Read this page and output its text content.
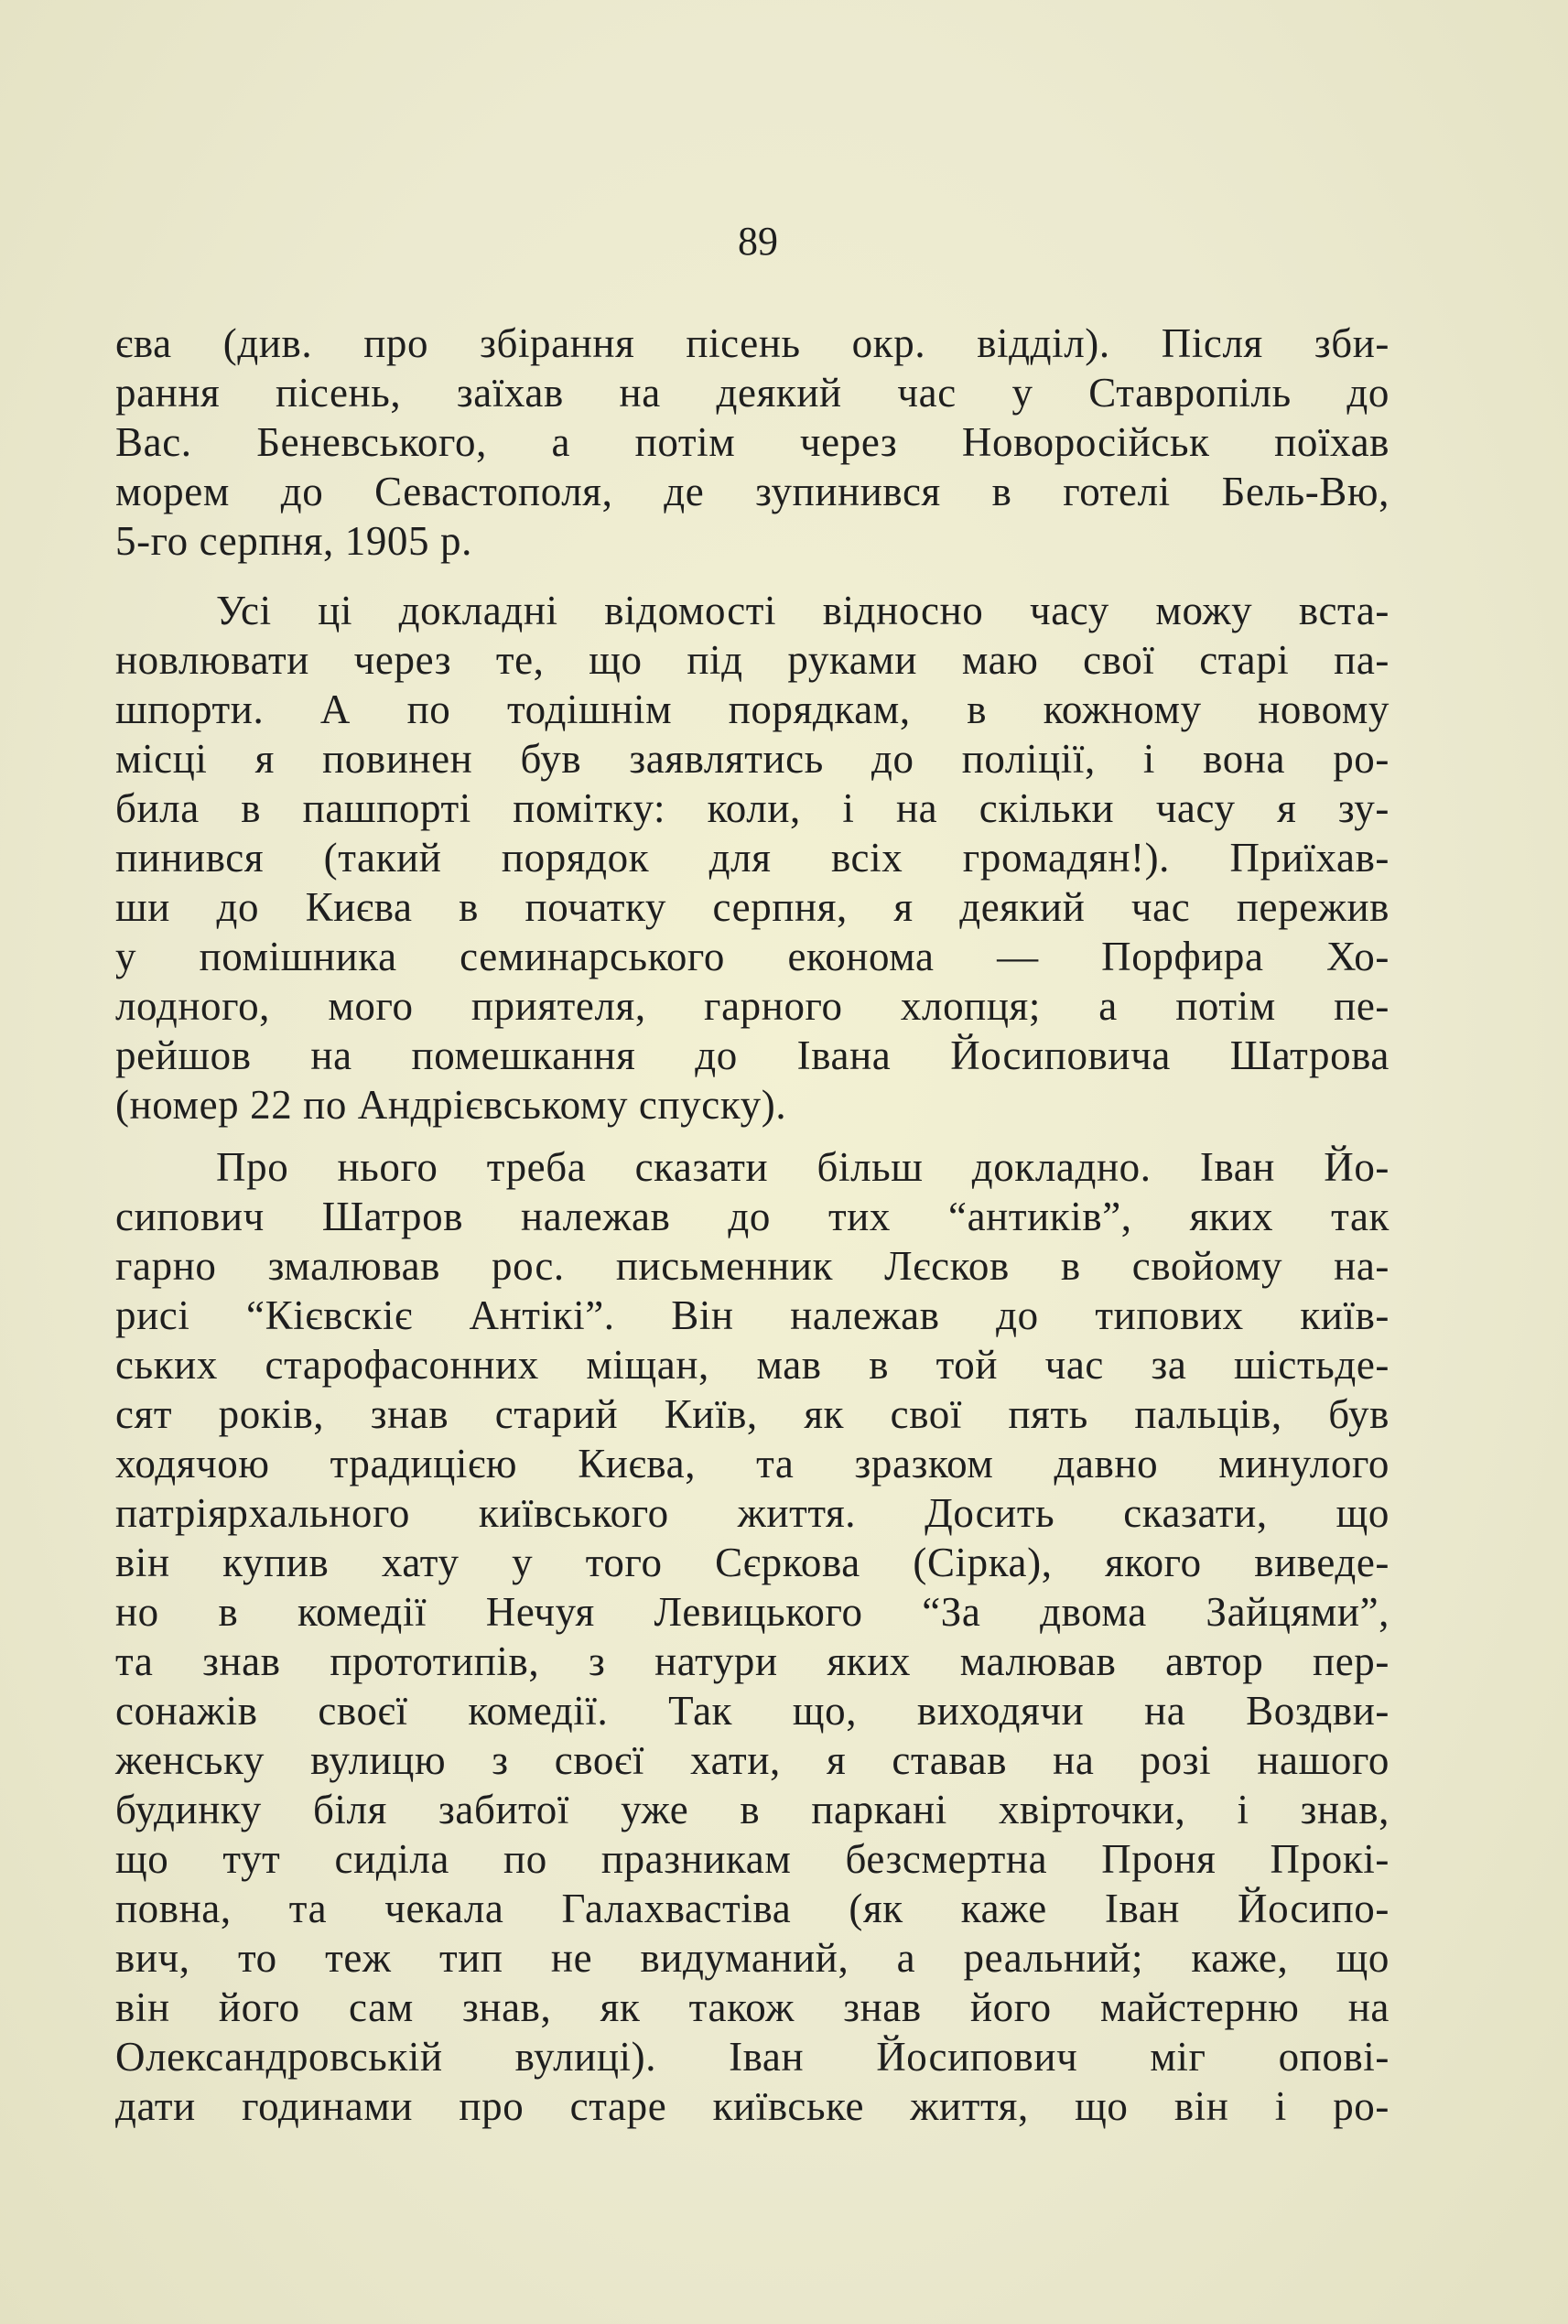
89
єва (див. про збірання пісень окр. відділ). Після зби-
рання пісень, заїхав на деякий час у Ставропіль до
Вас. Беневського, а потім через Новоросійськ поїхав
морем до Севастополя, де зупинився в готелі Бель-Вю,
5-го серпня, 1905 р.
Усі ці докладні відомості відносно часу можу вста-
новлювати через те, що під руками маю свої старі па-
шпорти. А по тодішнім порядкам, в кожному новому
місці я повинен був заявлятись до поліції, і вона ро-
била в пашпорті помітку: коли, і на скільки часу я зу-
пинився (такий порядок для всіх громадян!). Приїхав-
ши до Києва в початку серпня, я деякий час пережив
у помішника семинарського економа — Порфира Хо-
лодного, мого приятеля, гарного хлопця; а потім пе-
рейшов на помешкання до Івана Йосиповича Шатрова
(номер 22 по Андрієвському спуску).
Про нього треба сказати більш докладно. Іван Йо-
сипович Шатров належав до тих “антиків”, яких так
гарно змалював рос. письменник Лєсков в свойому на-
рисі “Кієвскіє Антікі”. Він належав до типових київ-
ських старофасонних міщан, мав в той час за шістьде-
сят років, знав старий Київ, як свої пять пальців, був
ходячою традицією Києва, та зразком давно минулого
патріярхального київського життя. Досить сказати, що
він купив хату у того Сєркова (Сірка), якого виведе-
но в комедії Нечуя Левицького “За двома Зайцями”,
та знав прототипів, з натури яких малював автор пер-
сонажів своєї комедії. Так що, виходячи на Воздви-
женську вулицю з своєї хати, я ставав на розі нашого
будинку біля забитої уже в паркані хвірточки, і знав,
що тут сиділа по празникам безсмертна Проня Прокі-
повна, та чекала Галахвастіва (як каже Іван Йосипо-
вич, то теж тип не видуманий, а реальний; каже, що
він його сам знав, як також знав його майстерню на
Олександровській вулиці). Іван Йосипович міг опові-
дати годинами про старе київське життя, що він і ро-
